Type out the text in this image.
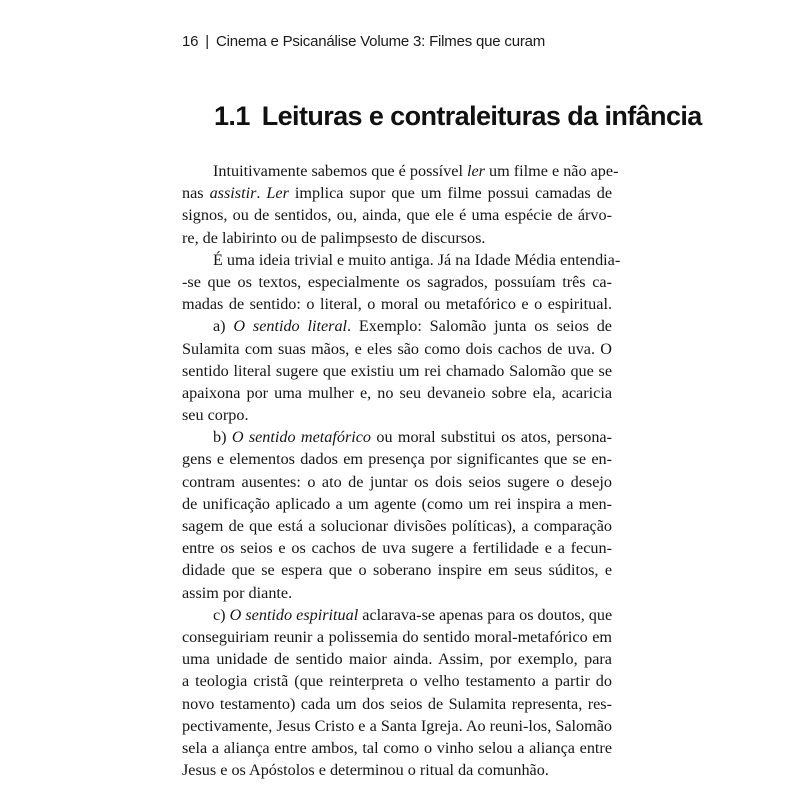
16 | Cinema e Psicanálise Volume 3: Filmes que curam
1.1 Leituras e contraleituras da infância
Intuitivamente sabemos que é possível ler um filme e não ape-
nas assistir. Ler implica supor que um filme possui camadas de
signos, ou de sentidos, ou, ainda, que ele é uma espécie de árvo-
re, de labirinto ou de palimpsesto de discursos.
É uma ideia trivial e muito antiga. Já na Idade Média entendia-
-se que os textos, especialmente os sagrados, possuíam três ca-
madas de sentido: o literal, o moral ou metafórico e o espiritual.
a) O sentido literal. Exemplo: Salomão junta os seios de
Sulamita com suas mãos, e eles são como dois cachos de uva. O
sentido literal sugere que existiu um rei chamado Salomão que se
apaixona por uma mulher e, no seu devaneio sobre ela, acaricia
seu corpo.
b) O sentido metafórico ou moral substitui os atos, persona-
gens e elementos dados em presença por significantes que se en-
contram ausentes: o ato de juntar os dois seios sugere o desejo
de unificação aplicado a um agente (como um rei inspira a men-
sagem de que está a solucionar divisões políticas), a comparação
entre os seios e os cachos de uva sugere a fertilidade e a fecun-
didade que se espera que o soberano inspire em seus súditos, e
assim por diante.
c) O sentido espiritual aclarava-se apenas para os doutos, que
conseguiriam reunir a polissemia do sentido moral-metafórico em
uma unidade de sentido maior ainda. Assim, por exemplo, para
a teologia cristã (que reinterpreta o velho testamento a partir do
novo testamento) cada um dos seios de Sulamita representa, res-
pectivamente, Jesus Cristo e a Santa Igreja. Ao reuni-los, Salomão
sela a aliança entre ambos, tal como o vinho selou a aliança entre
Jesus e os Apóstolos e determinou o ritual da comunhão.
